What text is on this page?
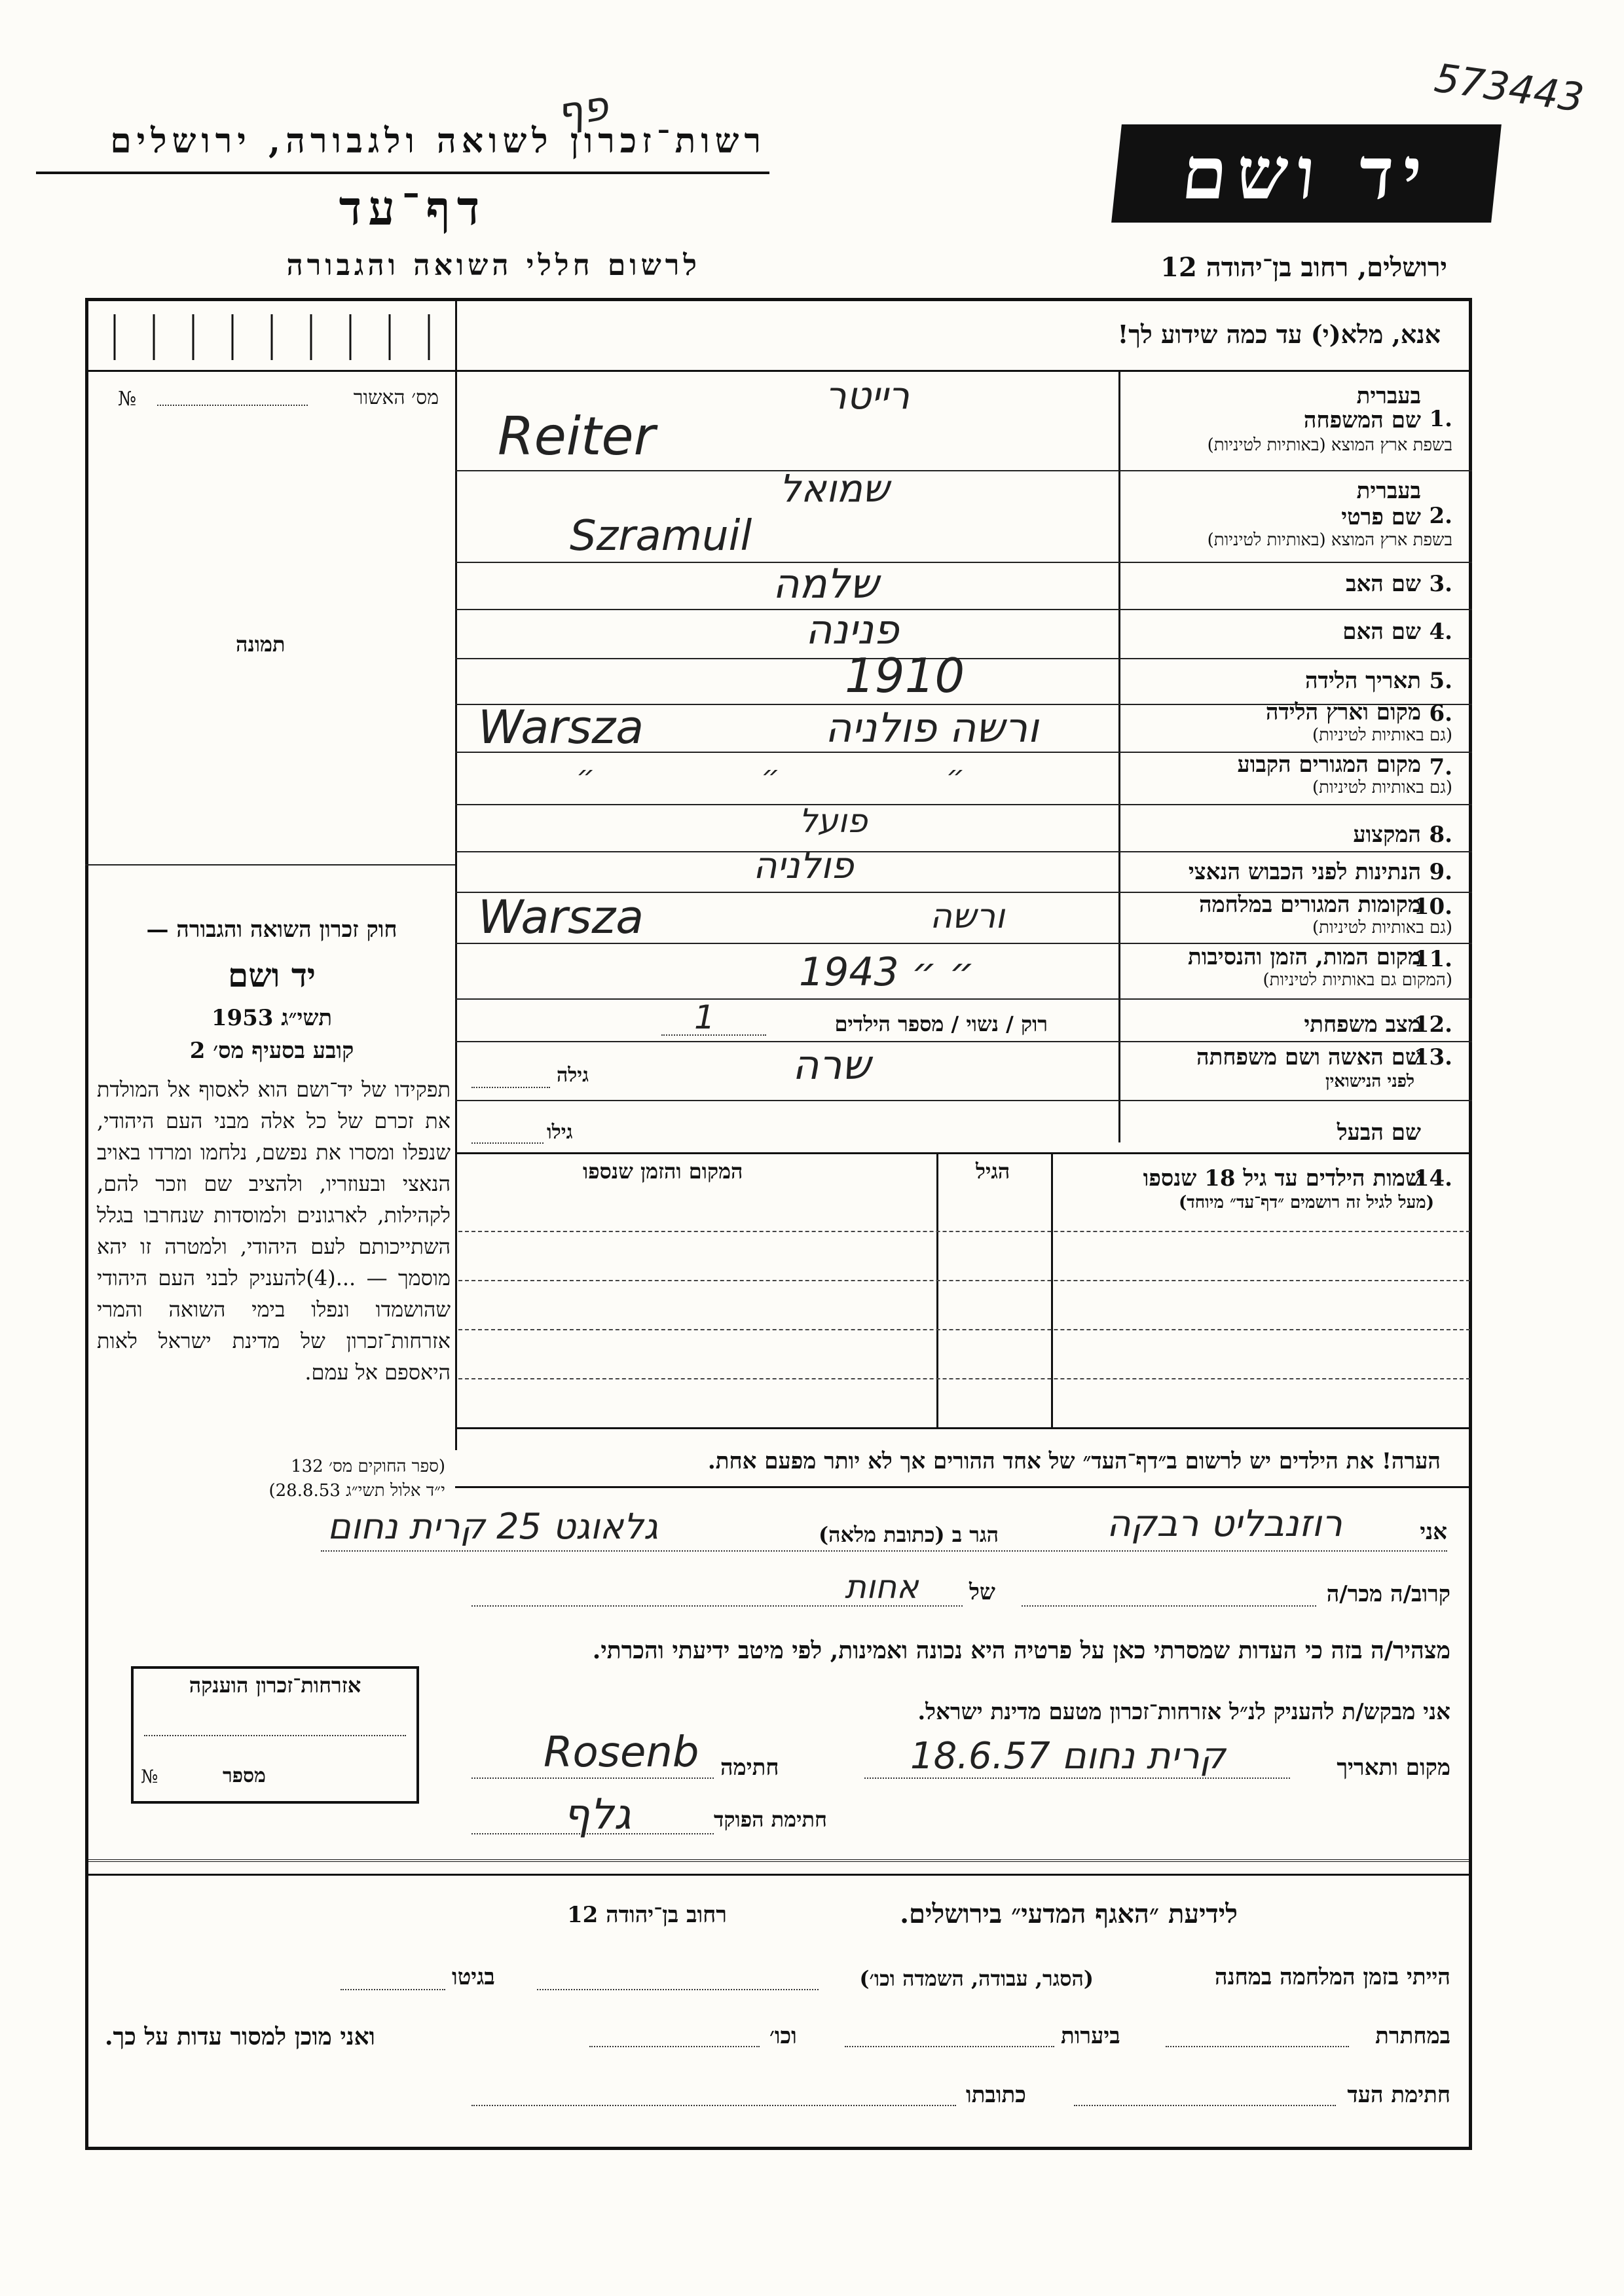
פף
רשות־זכרון לשואה ולגבורה, ירושלים
דף־עד
לרשום חללי השואה והגבורה
יד ושם
573443
ירושלים, רחוב בן־יהודה 12
אנא, מלא(י) עד כמה שידוע לך!
מס׳ האשור
№
תמונה
חוק זכרון השואה והגבורה —
יד ושם
תשי״ג 1953
קובע בסעיף מס׳ 2
תפקידו של יד־ושם הוא לאסוף אל המולדת את זכרם של כל אלה מבני העם היהודי, שנפלו ומסרו את נפשם, נלחמו ומרדו באויב הנאצי ובעוזריו, ולהציב שם וזכר להם, לקהילות, לארגונים ולמוסדות שנחרבו בגלל השתייכותם לעם היהודי, ולמטרה זו יהא מוסמך — ...(4)להעניק לבני העם היהודי שהושמדו ונפלו בימי השואה והמרי אזרחות־זכרון של מדינת ישראל לאות היאספם אל עמם.
(ספר החוקים מס׳ 132
י״ד אלול תשי״ג 28.8.53)
בעברית
1.
שם המשפחה
בשפת ארץ המוצא (באותיות לטיניות)
רייטר
Reiter
בעברית
2.
שם פרטי
בשפת ארץ המוצא (באותיות לטיניות)
שמואל
Szramuil
3.
שם האב
שלמה
4.
שם האם
פנינה
5.
תאריך הלידה
1910
6.
מקום וארץ הלידה
(גם באותיות לטיניות)
Warsza	ורשה פולניה
7.
מקום המגורים הקבוע
(גם באותיות לטיניות)
״ ״ ״
8.
המקצוע
פועל
9.
הנתינות לפני הכבוש הנאצי
פולניה
10.
מקומות המגורים במלחמה
(גם באותיות לטיניות)
Warsza	ורשה
11.
מקום המות, הזמן והנסיבות
(המקום גם באותיות לטיניות)
1943 ״ ״
12.
מצב משפחתי
רוק / נשוי / מספר הילדים
1
13.
שם האשה ושם משפחתה
לפני הנישואין
שרה
גילה
שם הבעל
גילו
14.
שמות הילדים עד גיל 18 שנספו
(מעל לגיל זה רושמים ״דף־עד״ מיוחד)
הגיל
המקום והזמן שנספו
הערה! את הילדים יש לרשום ב״דף־העד״ של אחד ההורים אך לא יותר מפעם אחת.
אני
רוזנבליט רבקה
הגר ב (כתובת מלאה)
גלאוגט 25 קרית נחום
קרוב/ה מכר/ה
של
אחות
מצהיר/ה בזה כי העדות שמסרתי כאן על פרטיה היא נכונה ואמינות, לפי מיטב ידיעתי והכרתי.
אני מבקש/ת להעניק לנ״ל אזרחות־זכרון מטעם מדינת ישראל.
מקום ותאריך
קרית נחום 18.6.57
חתימה
Rosenb
חתימת הפוקד
גלף
אזרחות־זכרון הוענקה
מספר
№
לידיעת ״האגף המדעי״ בירושלים.
רחוב בן־יהודה 12
הייתי בזמן המלחמה במחנה
(הסגר, עבודה, השמדה וכו׳)
בגיטו
במחתרת
ביערות
וכו׳
ואני מוכן למסור עדות על כך.
חתימת העד
כתובתו
